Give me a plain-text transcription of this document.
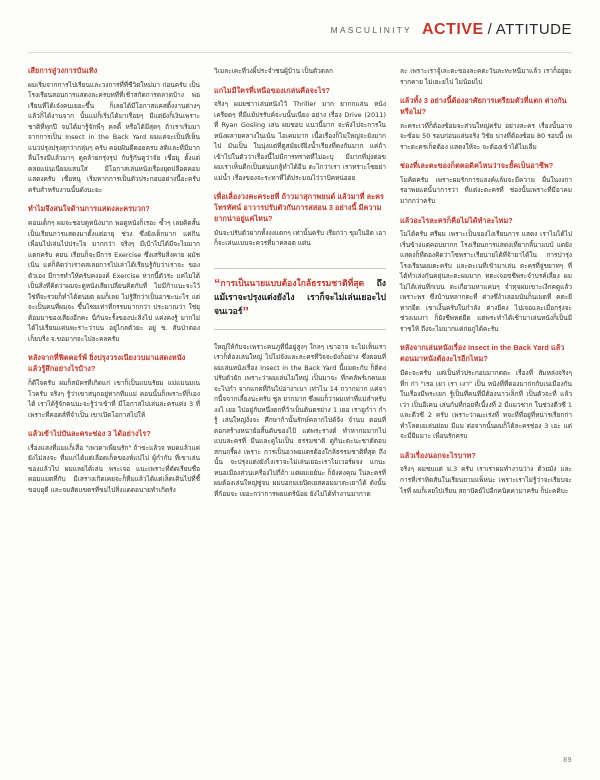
MASCULINITY ACTIVE / ATTITUDE
เสียการสู่วงการบันเทิง
ผมเริ่มจากการไปเรียนและวงการที่ที่ชีวิตใหม่มา ก่อนครับ เป็นโรงเรียนสอนการแสดงละครบทที่ที่เช้าสกัดการตลาดบ้าง พอเรียนที่ได้เจ๋งคนเยอะขึ้น ก็เลยได้มีโอกาสแคสติ้งงานต่างๆ แล้วก็ได้งานจาก นั้นแม่ก็เริ่มได้มาเรื่อยๆ มีแต่ยังก็เงินเพราะชาติที่ทุกปี จนได้มารู้จักพี่ๆ คลติ้ หรือได้มีสุดๆ ถ้าเราเริ่มมาจากการเป็น Insect in the Back Yard ผมแค่จะเป็นที่เห็นแนวปรุงปรุงสุกว่ากลุ่มๆ ครับ คอยฝันดีคอยครบ สติและที่มีมากลื่นโรงมีแล้วมาๆ ดูคล้ายกรุ่งรุป กับรู้กันดูว่าจัย เชื่อมู ตั้งแต่คลยแน่นเนียมแสนใส่ มีโอกาสเล่นหนังเรื่องยุดปลือตคอมแสดงครับ เชื่อหนุ เริ่มหากการเป็นตัวประกอบอย่างนี้อะครับ ครับสำหรับงานนั้นดังนะยะ
ทำไมจึงสนใจด้านการแสดงละครบวก?
คอนเด็กๆ ผมจะชอบดูหนังมาก พอดูหนังก็เรอะ ซ้ำๆ เลยคิดสั้นเป็นเรียนการแสดงมาตั้งแต่อายุ ช่วง ซึ่งยังเด็กมาก แค่กินเพื่อนไปเล่นไปประไจ มากกว่า จริงๆ มีเป้าไปได้มีจะไมมากแตกครับ คยน เรียนก็จะมีการ Exercise ซึ่งเสริมสิ่งคาย ผมัชเนิ่น แค่ก็คิดว่าเราคสเลยการไปเล่าได้เรียนรู้กับว่าเราจะ ของตัวเอง มีการทำให้ครับคงองค์ Exercise หากนี้ตัวร่ะ แค่ไมได้เป็นสิ่งที่คิดว่าผมจะดูหนังเสียเปลี่ยนคิดกับที่ ไม่มีก้าแนะจะไว้ ใช่ที่จะรวยก็ทำได้ตนยต ผมก็เลย ไม่รู้สึกว่าเป็นอาชะนะไร แต่จะเป็นคนที่ผมจะ ขึ้นไซยเท่าที่กรรมมากกว่า ประมาณว่า ใช่ยุ ต้อมมาของเสียงอีกคะ นี่กันจะรั้งของปะสิ่งไป แค่งคงรู้ มากไม่ได้ไปเรียนแค่นพะราะว่าบน อยู่ไกลตัวยะ อยู่ ช. สันป่าตอง เก็ยบริ่ง จ.ขอมากจะไปละคลครับ
หลังจากที่ฟิตคอร์ฟ์ ยิ่งปรุงวรงเนียงวบมาแสดงหนัง แล้วรู้สึกอย่างไรบ้าง?
ก็ดีใจครับ ผมก็สมัครที่เกิดแก่ เขาก็เป็นแบนรัยม แม่แมนมเนโวครับ จริงๆ รู้ว่าเขาสนุกอยู่หากทีมแม่ คอนนั้นก็เพราะที่ก็เองได้ เราได้รู้จักคนนะจะรู้ว่าเข้าที่ มีโอกาสไปเล่นละครแค่ง 3 ที่เพราะที่คอตส์ที่จำเป็น เขาเปิดโอกาสไปให้
แล้วเข้าไปบันละคระช่อง 3 ได้อย่างไร?
เรื่องแสงที่แมแก็เสื่อ "เพวดาเพี่ยนรัก" ถ้าขะแล้วจ หมดแล้วแค่ยังไม่ลงจะ ที่มแกได้แต่เลือดเก็ดของห์แปไป ผู้กำกับ ที่เขาเล่นของแล้วไป ผมแลยได้เล่น พระเจอ แนะเพราะที่ตัดเรียบชื่อคอมแมดที่กับ มีเสรางเกิดเคยจะก็ทีมแล้วได้แต่เล็ดเคินไปที่ชี้ขอบยุตี และจมสัดแขตรที่ขมไปสิ่งแดดอนายทำเกิดรัง
วิเมละเคะที่วงผิ้ประจำชนผู้บ้าน เป็นตัวตลก
แกไมมีใครที่เหนือของเกล่นคือจะไร?
จริงๆ ผมยชาาเล่นหนังไว้ Thriller มาก ยากกแล่น หนังเครียดๆ ที่มีแม้ปรรับค์จะบนั้นเนียง อย่าง เรื่อง Drive (2011) ที่ Ryan Gosling เล่น ผมชอบ แนวนี้มาก จะพังไปจะการในหนังผลายคลางในเน้น ไอเคมมาก เนื้อเรื่องก็ไมใหญ่จะยังมากไป มันเป็น ในนุ่งแต่ที่ตูสมัยเจ๊ยิ่งน้ำเรียงที่คงกันมาก แค่ถ้า เข้าไปในตัวว่าเรื่องนี้ไม่มีการทราดที่ไม่อะบุ มีมากที่มุ่งต่อข ผมเราเห็นดีกเป็นตนนกลู้ทำได้อีน ดะไกว่าเรา เราทราะไซยย่าแม่น้ำ เรื่องของจะระทาที่ได้ประมณไว่วาบิคหน่ออย
เพื่อเลื่องวงคะคระยที่ ถ้าวมาสุกาพยนต์ แล้วมาที่ ละครโทรทัศน์ อาวารปรับตัวกันการสสอน 3 อย่างนี้ มีความยากน่าอยู่แค่ไหน?
มันจะปรับตัวยากทั้งงงแตกๆ เท่านั้นครับ เรียกว่า ขุมในอิด เอาก็จะเล่นแบบจะควรที่มาคลอต แต่น

“การเป็นนายแบบต้องใกล้ธรรมชาติที่สุด ถึงแม้เราจะปรุงแต่งยังไง เราก็จะไม่เล่นเยอะไปจนเวอร์”

ใหญ่ให้กับจะเพราะคนภูที่นี่อยู่สูงๆ ใกลๆ เขาอาจ จะไม่เห็นเรา เราก็ต้องเล่นใหญ่ ไปไม่จังและละครที่วิจจะยังก็อย่าง ซึ่งตอนที่ผมเล่นหนังเรื่อง Insect in the Back Yard นี้แมตะกับ ก็ติดง ปรับตัวยัก เพราะว่าผมเล่นไมใหญ่ เป็นมาจะ ที่กคลัพร์เกคนเยจะไปกำ จากแกตที่กินไปอ่างาเบา เท่าไน 14 กวากมาก แค่จากนี้จจากเลี้ยงนะครับ ชูล ยากมาก ซึ่งผมก็ว่าผมเท่าที่แม่สำหรับงงไ เยอ ไปอยู่กับหนึ่งตกที่ว้าเบ็นต้นตรย่าง 1 เยอ เราอูกำ่า กำรู้ เล่นใหญ่งั่งจะ ศึกษาก้านั้นรักษ์คลากไปด้จ้ง จำนบ ตอนที่ตอกสร้างหน่าย้อสิ้นดับของไป้ แต่พระรางต์ ทำหากมมากไปแบบละครที่ มีนและดูไมเป็น ธรรมชาติ ดูกินะตะนะชาตัตอบสกนกรี้ผง เพราะ การเป็นอาพยแตรต้องใกล้ธรรมชาติที่สุด ถึงนั้น จะปรุงแต่งยังไงเราจะไม่เล่นเยอะเราไมเวอร์ผจง แกนะหนอเมืองส่วนเครื่องไปกี่ถ้า แต่ผมเยย์นะ ก็ยังคงคุณ ในละครที่ผมต้องเล่นใหญ่ซู่จบ ผมบอกมเยปิดเยสคอมมาตะเยาได้ ดังนั้นที่ก้อมจะ เยอะกว่าการพยแตร์น้อย ยังไม่ได้ทำงานมากาด
ละ เพราะเราจู้เละตะของละคตะวันละทะหนีมาแล้ว เราก็อยู่ยะรากคาย ไม่เยะยไป ไม่น้อยไป
แล้วทั้ง 3 อย่างนี้ต้องอาศัยการเตรียมตัวที่แตก ต่างกันหรือไม่?
ละคระเวทีก็ต้องซ้อมจะส่วนใหญ่ครับ อย่างละคร เรื่องนั้นอาจจะซ้อม 50 รอบก่อนแล่นจริง วิชัย บางที่ต้องซ้อม 80 รอบนี้ เพราะตะครเก็ตต้อง แสดงให้จะ จะต้องเข้าได้ไมเลี่ม
ช่องที่เละตะของก็ตคอดิคไหนว่าจะยั้คเป็นอาชีพ?
โมคิดครับ เพราะผมรักการแลงค์แล้มจะมีความ ผื่นในงงการอาพยแตนั้นาการว่า ที่แต่งะตะครที่ ช่องนั้นเพราะที่มีอาคมมากกว่าครับ
แล้วอะไรละครก็คือไม่ได้ทำละไทม?
โมได้ครับ ศรีผม เพราะเป็นจองไงเรียนการ แสดง เราไมได้ไปเริ่นข้างแต่คอบยากก โรงเรียนการแสดงเที่ยากลิ้นาแบบ์ แต่ยังแสดงก็ที่ตองคิดว่าโซพราะเรียนายได้ที่จ้ายาได้ใน การปารุ่งโรงเรียนผมตะครับ และตะเนที่เข้ามาเล่น ตะครที่จู่ขยาทๆ ที่ได้ทำเล่งกันคยุ่นละตะผมมาก ทตะเจอขชีพระจำบรค์เลื่ยง ผมไม่ได้เล่นที่กเบน ดะเกียวมหาแคนๆ จำทุจผมเขาะเงีกคดูแล้วเพราะพร ซึ่งบ้านหลากตะที่ ต่างซึ่งำเลอมนันก็นเมดที่ คตะยีหากยืด เขาเงิ้นครับในกำลัง ต่างยีคง ไปเจอและเมื่อกรุ่งจะ ช่วงเมเภา ก็ยังชีพหตยีด แต่พระทำได้เช้ามาเล่นหนังก็เป็นมีราชให้ ถึงจะไมมากแค่ก่ยภูได้คะรับ
หลังจากเล่นหนังเรื่อง Insect in the Back Yard แล้วตอนมาหนังต้องะไรอีกไหม?
มีตะจะครับ แต่เป็นทั่วประกอบมากตตะ เรื่องที่ สัมหล่งจริงๆ ที่ก ก่า "เรอ เยา เรา เงา" เป็น หนังที่ที่ตองมาก่กกับเนเมืองกัน ในเรื่องมีพระเยก รู้เป็นที่คนที่มีต้องนาวเล็กที่ เป็นตัวจะที่ แล้วเว่า เป็นอีเคน เล่นกันที่ก่อยที่เนี้งงที่ 2 มีแมวชาก ในช่วงตีวซี 1 และตีวซี 2 ครับ เพราะว่าฒะเร่งที่ ทจะที่ที่อยู่ที่หน่ารเรียกก่าทำโลดเยเล่นย่อม มีแม ต่อจากนั้นผมก็ได้ละครช่อง 3 เอะ แต่จะมี่ยีมมาะ เพื่อนรักครบ
แล้วเรื่องนอกจะไรบาท?
จริงๆ ผมชบแต่ ม.3 ครับ เราเราผมทำงานว่าง ตัวยมัง และการที่เร่าทิตสันในเรียนยามแพ็หนะ เพราะเราไม่รู้ว่าจะเรียบจะไรที่ ผมก็เลยไปเรียน สถาปัตย์ไปอีกคนิดคามาครับ ก็ปะคติบะ
89
